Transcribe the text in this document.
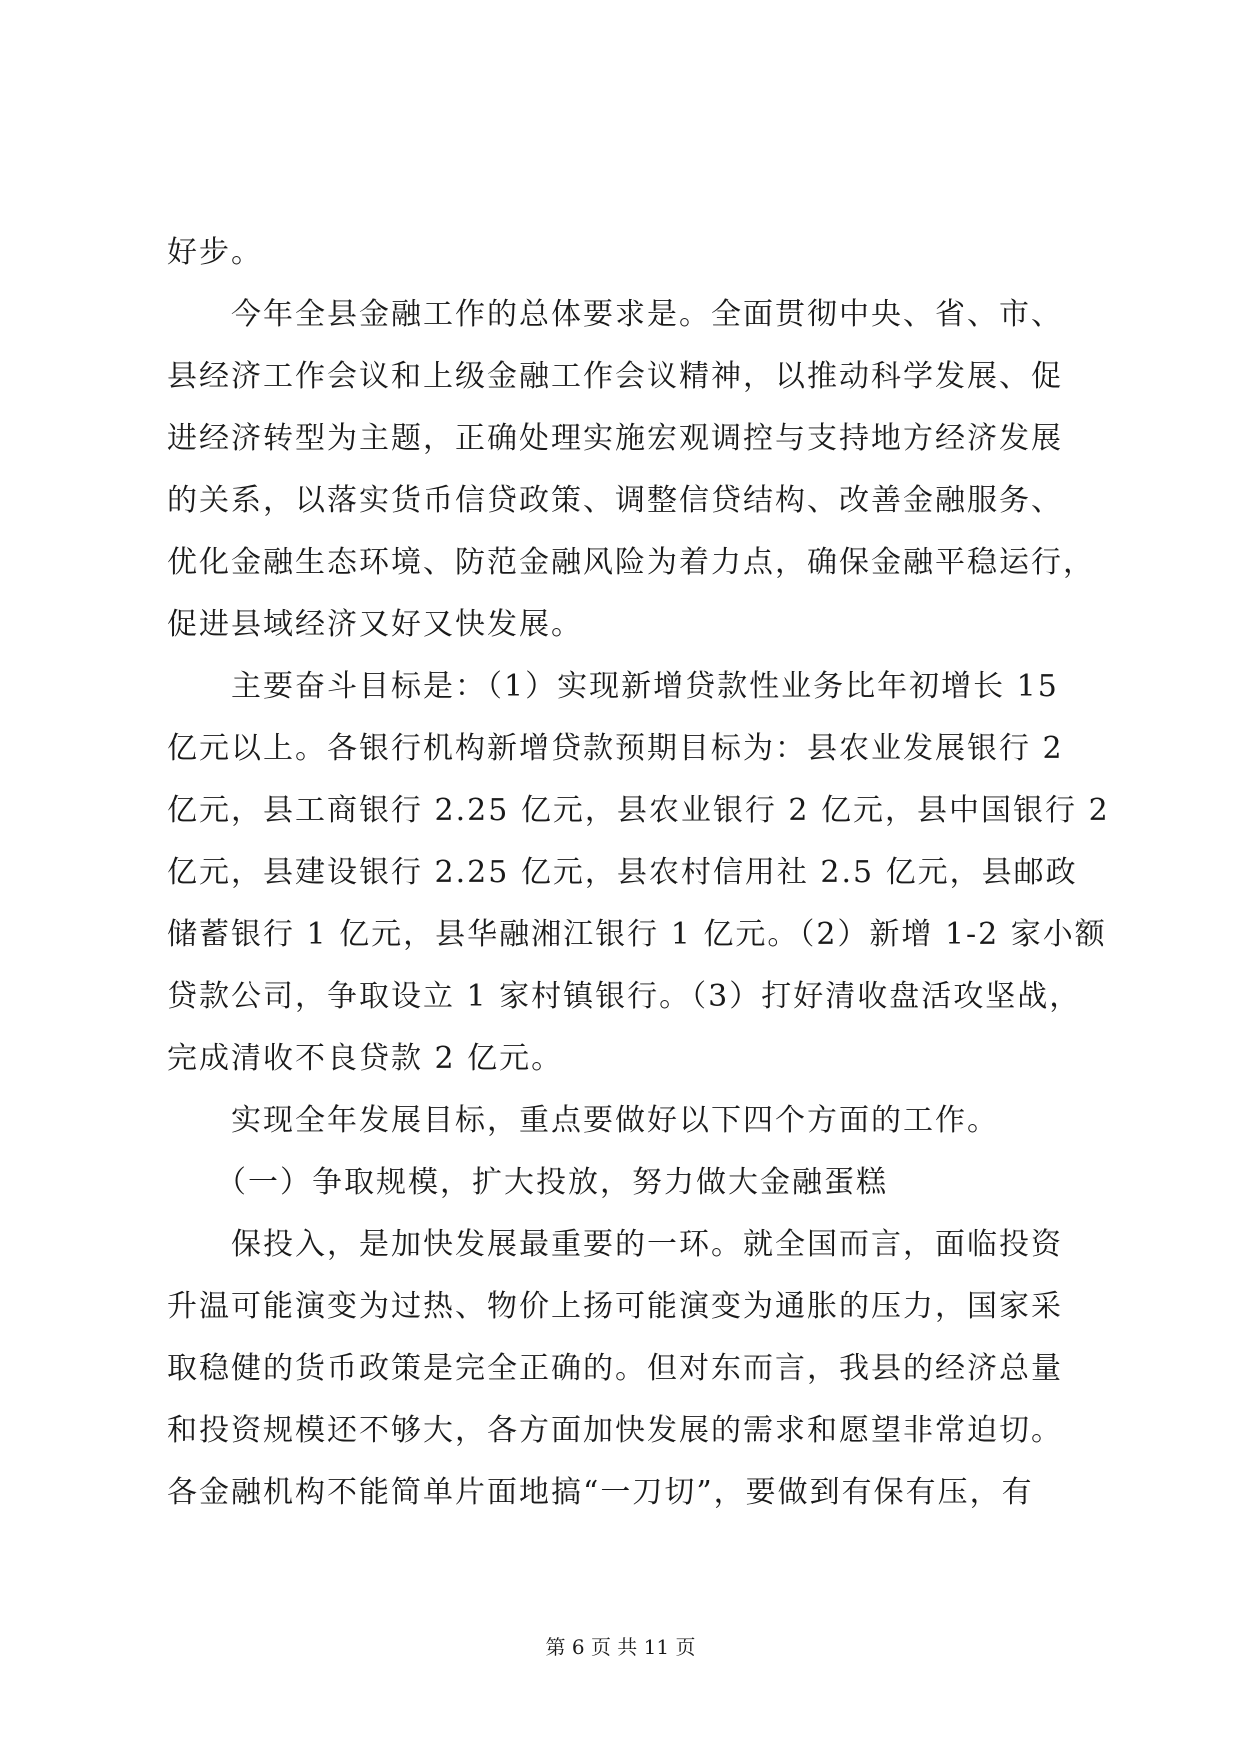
好步。
　　今年全县金融工作的总体要求是。全面贯彻中央、省、市、
县经济工作会议和上级金融工作会议精神，以推动科学发展、促
进经济转型为主题，正确处理实施宏观调控与支持地方经济发展
的关系，以落实货币信贷政策、调整信贷结构、改善金融服务、
优化金融生态环境、防范金融风险为着力点，确保金融平稳运行，
促进县域经济又好又快发展。
　　主要奋斗目标是：（1）实现新增贷款性业务比年初增长 15
亿元以上。各银行机构新增贷款预期目标为：县农业发展银行 2
亿元，县工商银行 2.25 亿元，县农业银行 2 亿元，县中国银行 2
亿元，县建设银行 2.25 亿元，县农村信用社 2.5 亿元，县邮政
储蓄银行 1 亿元，县华融湘江银行 1 亿元。（2）新增 1-2 家小额
贷款公司，争取设立 1 家村镇银行。（3）打好清收盘活攻坚战，
完成清收不良贷款 2 亿元。
　　实现全年发展目标，重点要做好以下四个方面的工作。
　　（一）争取规模，扩大投放，努力做大金融蛋糕
　　保投入，是加快发展最重要的一环。就全国而言，面临投资
升温可能演变为过热、物价上扬可能演变为通胀的压力，国家采
取稳健的货币政策是完全正确的。但对东而言，我县的经济总量
和投资规模还不够大，各方面加快发展的需求和愿望非常迫切。
各金融机构不能简单片面地搞“一刀切”，要做到有保有压，有
第 6 页 共 11 页
